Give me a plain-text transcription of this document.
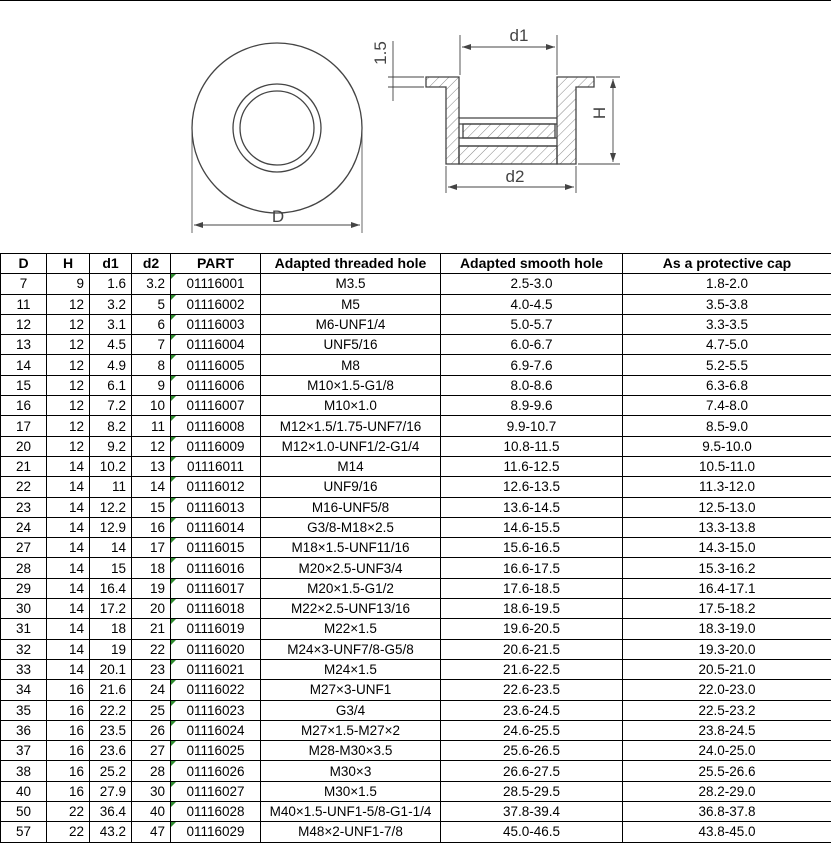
D
d1
1.5
H
d2
D	H	d1	d2	PART	Adapted threaded hole	Adapted smooth hole	As a protective cap
7	9	1.6	3.2	01116001	M3.5	2.5-3.0	1.8-2.0
11	12	3.2	5	01116002	M5	4.0-4.5	3.5-3.8
12	12	3.1	6	01116003	M6-UNF1/4	5.0-5.7	3.3-3.5
13	12	4.5	7	01116004	UNF5/16	6.0-6.7	4.7-5.0
14	12	4.9	8	01116005	M8	6.9-7.6	5.2-5.5
15	12	6.1	9	01116006	M10×1.5-G1/8	8.0-8.6	6.3-6.8
16	12	7.2	10	01116007	M10×1.0	8.9-9.6	7.4-8.0
17	12	8.2	11	01116008	M12×1.5/1.75-UNF7/16	9.9-10.7	8.5-9.0
20	12	9.2	12	01116009	M12×1.0-UNF1/2-G1/4	10.8-11.5	9.5-10.0
21	14	10.2	13	01116011	M14	11.6-12.5	10.5-11.0
22	14	11	14	01116012	UNF9/16	12.6-13.5	11.3-12.0
23	14	12.2	15	01116013	M16-UNF5/8	13.6-14.5	12.5-13.0
24	14	12.9	16	01116014	G3/8-M18×2.5	14.6-15.5	13.3-13.8
27	14	14	17	01116015	M18×1.5-UNF11/16	15.6-16.5	14.3-15.0
28	14	15	18	01116016	M20×2.5-UNF3/4	16.6-17.5	15.3-16.2
29	14	16.4	19	01116017	M20×1.5-G1/2	17.6-18.5	16.4-17.1
30	14	17.2	20	01116018	M22×2.5-UNF13/16	18.6-19.5	17.5-18.2
31	14	18	21	01116019	M22×1.5	19.6-20.5	18.3-19.0
32	14	19	22	01116020	M24×3-UNF7/8-G5/8	20.6-21.5	19.3-20.0
33	14	20.1	23	01116021	M24×1.5	21.6-22.5	20.5-21.0
34	16	21.6	24	01116022	M27×3-UNF1	22.6-23.5	22.0-23.0
35	16	22.2	25	01116023	G3/4	23.6-24.5	22.5-23.2
36	16	23.5	26	01116024	M27×1.5-M27×2	24.6-25.5	23.8-24.5
37	16	23.6	27	01116025	M28-M30×3.5	25.6-26.5	24.0-25.0
38	16	25.2	28	01116026	M30×3	26.6-27.5	25.5-26.6
40	16	27.9	30	01116027	M30×1.5	28.5-29.5	28.2-29.0
50	22	36.4	40	01116028	M40×1.5-UNF1-5/8-G1-1/4	37.8-39.4	36.8-37.8
57	22	43.2	47	01116029	M48×2-UNF1-7/8	45.0-46.5	43.8-45.0
